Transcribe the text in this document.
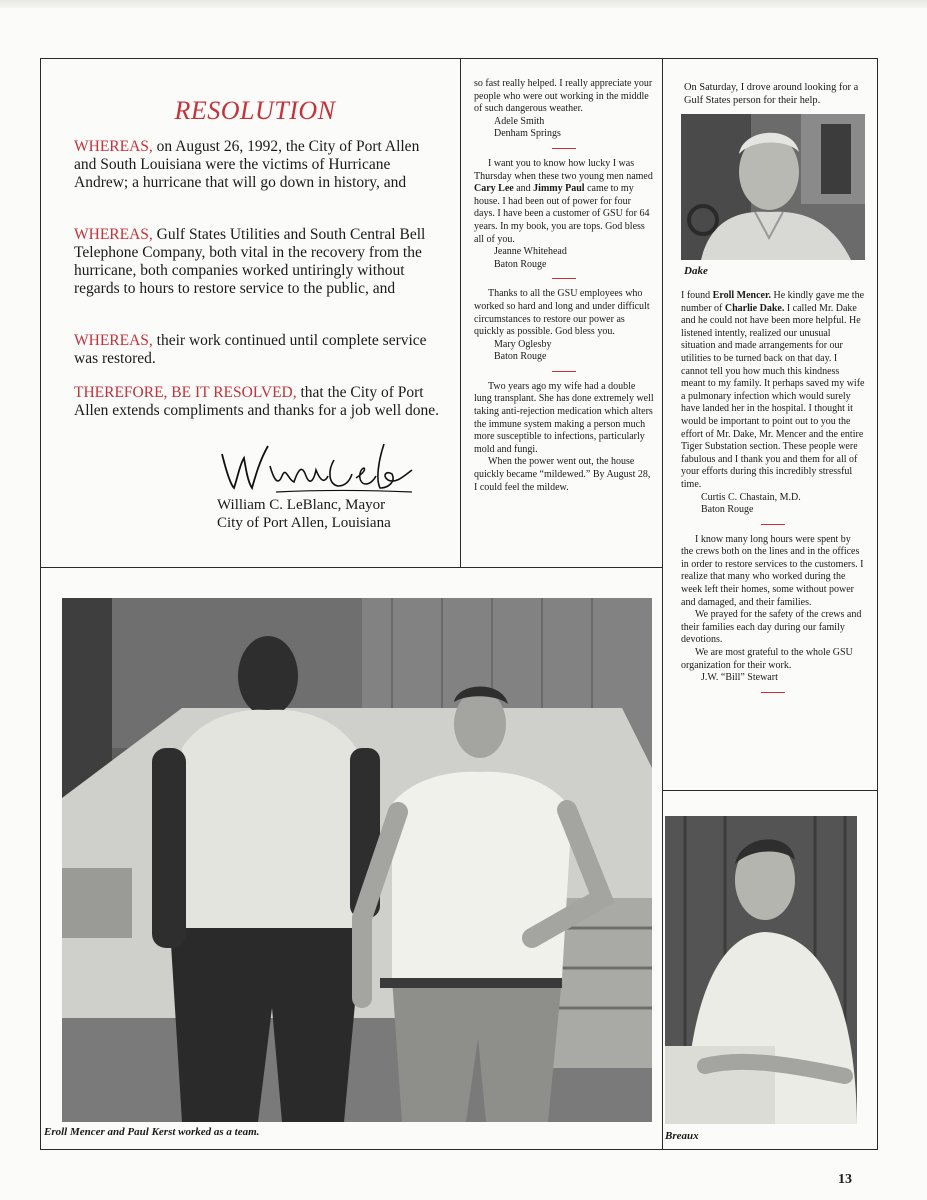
RESOLUTION

WHEREAS, on August 26, 1992, the City of Port Allen and South Louisiana were the victims of Hurricane Andrew; a hurricane that will go down in history, and

WHEREAS, Gulf States Utilities and South Central Bell Telephone Company, both vital in the recovery from the hurricane, both companies worked untiringly without regards to hours to restore service to the public, and

WHEREAS, their work continued until complete service was restored.

THEREFORE, BE IT RESOLVED, that the City of Port Allen extends compliments and thanks for a job well done.

William C. LeBlanc, Mayor
City of Port Allen, Louisiana

so fast really helped. I really appreciate your people who were out working in the middle of such dangerous weather.

Adele Smith

Denham Springs

I want you to know how lucky I was Thursday when these two young men named Cary Lee and Jimmy Paul came to my house. I had been out of power for four days. I have been a customer of GSU for 64 years. In my book, you are tops. God bless all of you.

Jeanne Whitehead

Baton Rouge

Thanks to all the GSU employees who worked so hard and long and under difficult circumstances to restore our power as quickly as possible. God bless you.

Mary Oglesby

Baton Rouge

Two years ago my wife had a double lung transplant. She has done extremely well taking anti-rejection medication which alters the immune system making a person much more susceptible to infections, particularly mold and fungi.

When the power went out, the house quickly became “mildewed.” By August 28, I could feel the mildew.

On Saturday, I drove around looking for a Gulf States person for their help.
Dake

I found Eroll Mencer. He kindly gave me the number of Charlie Dake. I called Mr. Dake and he could not have been more helpful. He listened intently, realized our unusual situation and made arrangements for our utilities to be turned back on that day. I cannot tell you how much this kindness meant to my family. It perhaps saved my wife a pulmonary infection which would surely have landed her in the hospital. I thought it would be important to point out to you the effort of Mr. Dake, Mr. Mencer and the entire Tiger Substation section. These people were fabulous and I thank you and them for all of your efforts during this incredibly stressful time.

Curtis C. Chastain, M.D.

Baton Rouge

I know many long hours were spent by the crews both on the lines and in the offices in order to restore services to the customers. I realize that many who worked during the week left their homes, some without power and damaged, and their families.

We prayed for the safety of the crews and their families each day during our family devotions.

We are most grateful to the whole GSU organization for their work.

J.W. “Bill” Stewart

Eroll Mencer and Paul Kerst worked as a team.	Breaux
13
